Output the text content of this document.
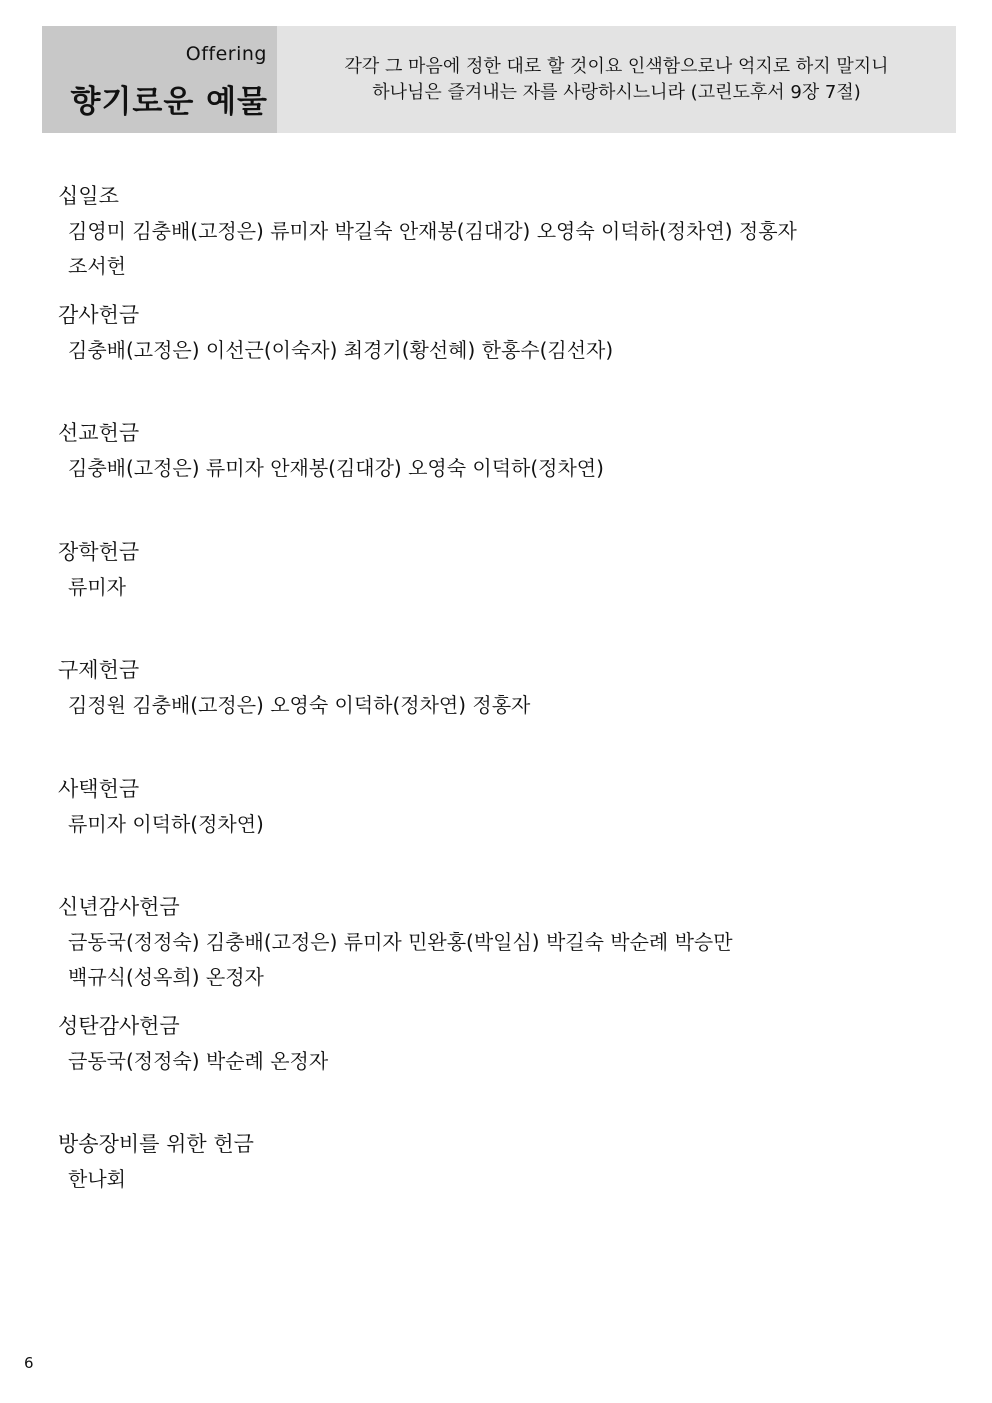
Offering
향기로운 예물
각각 그 마음에 정한 대로 할 것이요 인색함으로나 억지로 하지 말지니
하나님은 즐겨내는 자를 사랑하시느니라 (고린도후서 9장 7절)
십일조
김영미 김충배(고정은) 류미자 박길숙 안재봉(김대강) 오영숙 이덕하(정차연) 정홍자
조서헌
감사헌금
김충배(고정은) 이선근(이숙자) 최경기(황선혜) 한홍수(김선자)
선교헌금
김충배(고정은) 류미자 안재봉(김대강) 오영숙 이덕하(정차연)
장학헌금
류미자
구제헌금
김정원 김충배(고정은) 오영숙 이덕하(정차연) 정홍자
사택헌금
류미자 이덕하(정차연)
신년감사헌금
금동국(정정숙) 김충배(고정은) 류미자 민완홍(박일심) 박길숙 박순례 박승만
백규식(성옥희) 온정자
성탄감사헌금
금동국(정정숙) 박순례 온정자
방송장비를 위한 헌금
한나회
6
